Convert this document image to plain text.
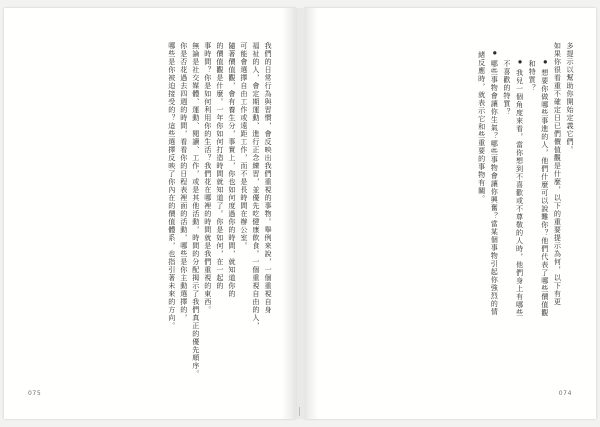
多提示以幫助你開始定義它們。
如果你很看重不確定日已們價值觀是什麼，以下的重要提示為何，以下有更
● 想要你做哪些事進的人，他們什麼可以說難你？他們代表了哪些價值觀
和特質？
● 我兒一個角度來看，當你想到不喜歡或不尊敬的人時，他們身上有哪些
不喜歡的特質？
● 哪些事物會讓你生氣？哪些事物會讓你興奮？當某個事物引起你強烈的情
緒反應時，就表示它和些重要的事物有關。
074
我們的日常行為與習慣，會反映出我們重視的事物。舉例來說，一個重視自身
福祉的人，會定期運動、進行正念練習，並優先吃健康飲食。一個重視自由的人，
可能會選擇自由工作或遠距工作，而不是長時間在辦公室。
隨著價值觀，會有養生分，事實上，你也如何度過你的時間，就知道你的
的價值觀是什麼。一年你如何打造時間就知道了。你是如何，在一起的
事時間？你是如何利用你的生活？我們花在哪裡的時間就是我們重視的東西。
無論是社交媒體、運動、閱讀、工作，或是其他活動，時間的分配揭示了我們真正的優先順序。
你是否花過去四週的時間，看看你的日程表裡面的活動，哪些是你主動選擇的，
哪些是你被迫接受的？這些選擇反映了你內在的價值體系，也指引著未來的方向。
075
